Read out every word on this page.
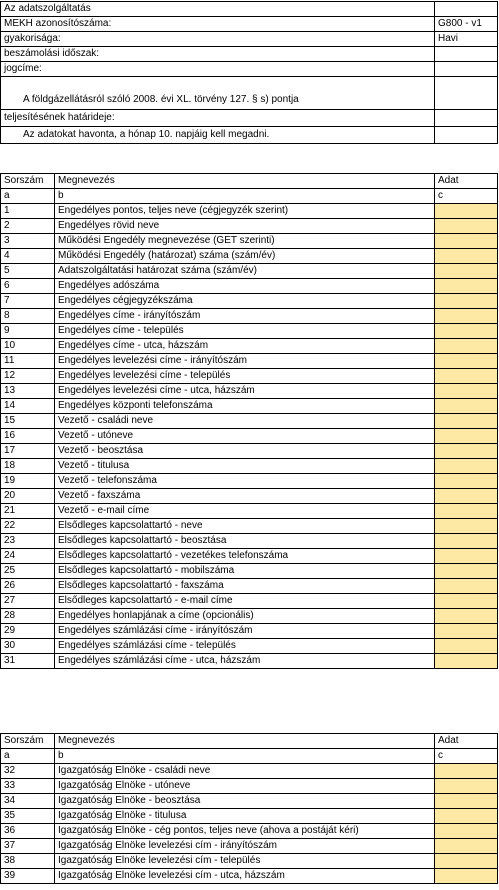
Az adatszolgáltatás	
MEKH azonosítószáma:	G800 - v1
gyakorisága:	Havi
beszámolási időszak:	
jogcíme:	
A földgázellátásról szóló 2008. évi XL. törvény 127. § s) pontja	
teljesítésének határideje:	
Az adatokat havonta, a hónap 10. napjáig kell megadni.	
Sorszám	Megnevezés	Adat
a	b	c
1	Engedélyes pontos, teljes neve (cégjegyzék szerint)	
2	Engedélyes rövid neve	
3	Működési Engedély megnevezése (GET szerinti)	
4	Működési Engedély (határozat) száma (szám/év)	
5	Adatszolgáltatási határozat száma (szám/év)	
6	Engedélyes adószáma	
7	Engedélyes cégjegyzékszáma	
8	Engedélyes címe - irányítószám	
9	Engedélyes címe - település	
10	Engedélyes címe - utca, házszám	
11	Engedélyes levelezési címe - irányítószám	
12	Engedélyes levelezési címe - település	
13	Engedélyes levelezési címe - utca, házszám	
14	Engedélyes központi telefonszáma	
15	Vezető - családi neve	
16	Vezető - utóneve	
17	Vezető - beosztása	
18	Vezető - titulusa	
19	Vezető - telefonszáma	
20	Vezető - faxszáma	
21	Vezető - e-mail címe	
22	Elsődleges kapcsolattartó - neve	
23	Elsődleges kapcsolattartó - beosztása	
24	Elsődleges kapcsolattartó - vezetékes telefonszáma	
25	Elsődleges kapcsolattartó - mobilszáma	
26	Elsődleges kapcsolattartó - faxszáma	
27	Elsődleges kapcsolattartó - e-mail címe	
28	Engedélyes honlapjának a címe (opcionális)	
29	Engedélyes számlázási címe - irányítószám	
30	Engedélyes számlázási címe - település	
31	Engedélyes számlázási címe - utca, házszám	
Sorszám	Megnevezés	Adat
a	b	c
32	Igazgatóság Elnöke - családi neve	
33	Igazgatóság Elnöke - utóneve	
34	Igazgatóság Elnöke - beosztása	
35	Igazgatóság Elnöke - titulusa	
36	Igazgatóság Elnöke - cég pontos, teljes neve (ahova a postáját kéri)	
37	Igazgatóság Elnöke levelezési cím - irányítószám	
38	Igazgatóság Elnöke levelezési cím - település	
39	Igazgatóság Elnöke levelezési cím - utca, házszám	
